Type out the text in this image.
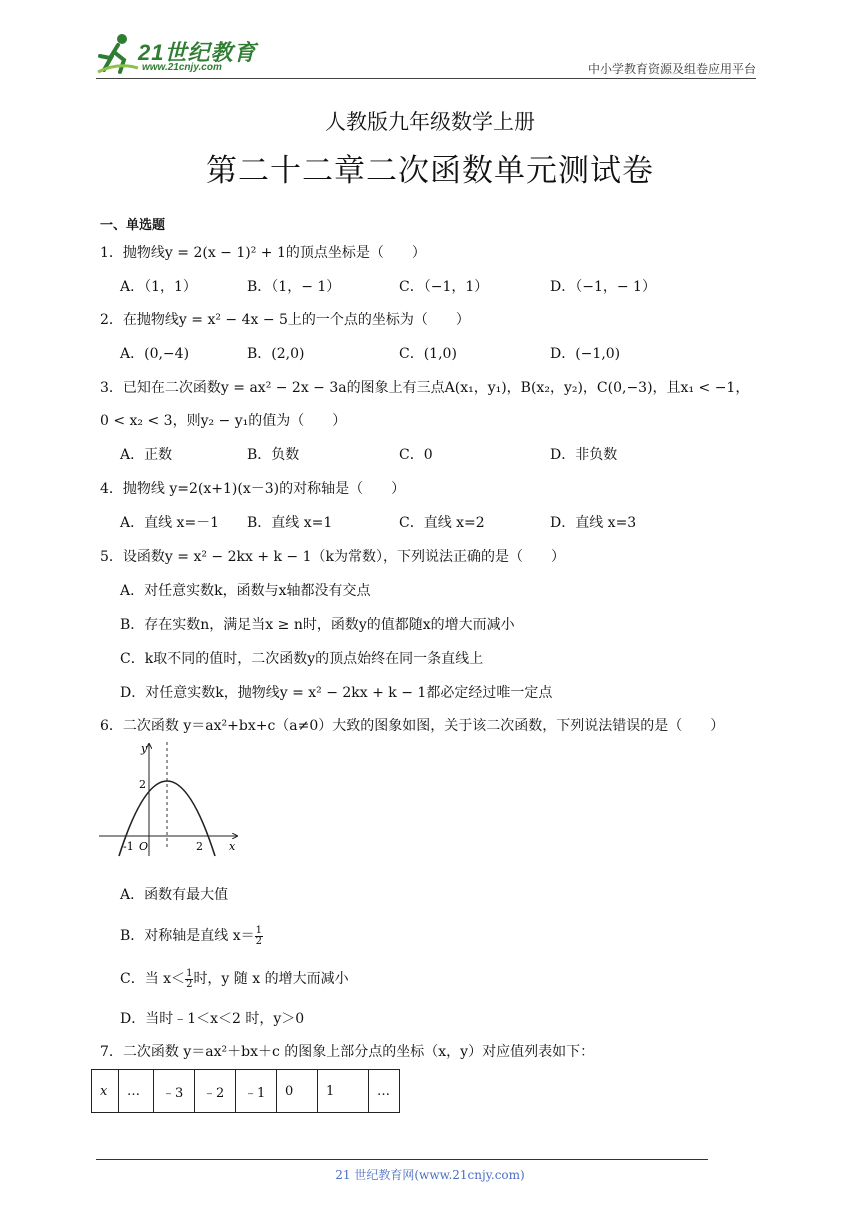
21世纪教育
www.21cnjy.com	中小学教育资源及组卷应用平台
人教版九年级数学上册
第二十二章二次函数单元测试卷
一、单选题
1．抛物线y = 2(x − 1)² + 1的顶点坐标是（　　）
A．（1，1）	B．（1，− 1）	C．（−1，1）	D．（−1，− 1）
2．在抛物线y = x² − 4x − 5上的一个点的坐标为（　　）
A．(0,−4)	B．(2,0)	C．(1,0)	D．(−1,0)
3．已知在二次函数y = ax² − 2x − 3a的图象上有三点A(x₁，y₁)，B(x₂，y₂)，C(0,−3)，且x₁ < −1，
0 < x₂ < 3，则y₂ − y₁的值为（　　）
A．正数	B．负数	C．0	D．非负数
4．抛物线 y=2(x+1)(x－3)的对称轴是（　　）
A．直线 x=－1 B．直线 x=1	C．直线 x=2	D．直线 x=3
5．设函数y = x² − 2kx + k − 1（k为常数），下列说法正确的是（　　）
A．对任意实数k，函数与x轴都没有交点
B．存在实数n，满足当x ≥ n时，函数y的值都随x的增大而减小
C．k取不同的值时，二次函数y的顶点始终在同一条直线上
D．对任意实数k，抛物线y = x² − 2kx + k − 1都必定经过唯一定点
6．二次函数 y＝ax²+bx+c（a≠0）大致的图象如图，关于该二次函数，下列说法错误的是（　　）
y
x
2
-1 O	2
A．函数有最大值
B．对称轴是直线 $x= \frac{1}{2}$
C．当 $x< \frac{1}{2}$ 时，y 随 x 的增大而减小
D．当时﹣1＜x＜2 时，y＞0
7．二次函数 y＝ax²＋bx＋c 的图象上部分点的坐标（x，y）对应值列表如下：
x	…	﹣3	﹣2	﹣1	0	1	…
21 世纪教育网(www.21cnjy.com)
